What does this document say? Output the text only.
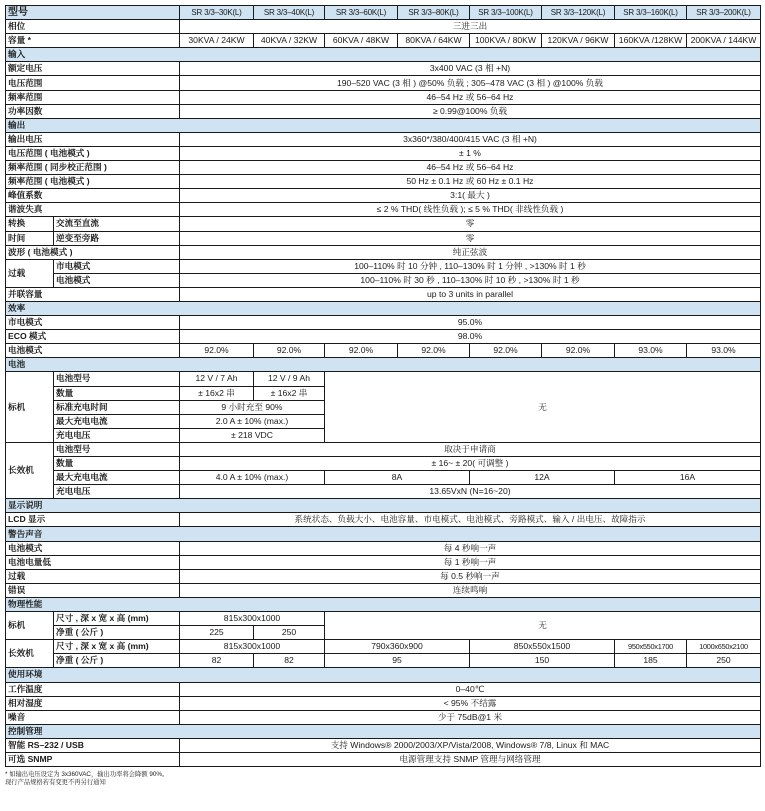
型号		SR 3/3–30K(L)	SR 3/3–40K(L)	SR 3/3–60K(L)	SR 3/3–80K(L)	SR 3/3–100K(L)	SR 3/3–120K(L)	SR 3/3–160K(L)	SR 3/3–200K(L)
相位		三进三出							
容量 *		30KVA / 24KW	40KVA / 32KW	60KVA / 48KW	80KVA / 64KW	100KVA / 80KW	120KVA / 96KW	160KVA /128KW	200KVA / 144KW
输入									
额定电压		3x400 VAC (3 相 +N)							
电压范围		190–520 VAC (3 相 ) @50% 负载 ; 305–478 VAC (3 相 ) @100% 负载							
频率范围		46–54 Hz 或 56–64 Hz							
功率因数		≥ 0.99@100% 负载							
输出									
输出电压		3x360*/380/400/415 VAC (3 相 +N)							
电压范围 ( 电池模式 )		± 1 %							
频率范围 ( 同步校正范围 )		46–54 Hz 或 56–64 Hz							
频率范围 ( 电池模式 )		50 Hz ± 0.1 Hz 或 60 Hz ± 0.1 Hz							
峰值系数		3:1( 最大 )							
谐波失真		≤ 2 % THD( 线性负载 ); ≤ 5 % THD( 非线性负载 )							
转换	交流至直流	零							
时间	逆变至旁路	零							
波形 ( 电池模式 )		纯正弦波							
过载	市电模式	100–110% 时 10 分钟 , 110–130% 时 1 分钟 , >130% 时 1 秒							
	电池模式	100–110% 时 30 秒 , 110–130% 时 10 秒 , >130% 时 1 秒							
并联容量		up to 3 units in parallel							
效率									
市电模式		95.0%							
ECO 模式		98.0%							
电池模式		92.0%	92.0%	92.0%	92.0%	92.0%	92.0%	93.0%	93.0%
电池									
标机	电池型号	12 V / 7 Ah	12 V / 9 Ah	无					
	数量	± 16x2 串	± 16x2 串						
	标准充电时间	9 小时充至 90%							
	最大充电电流	2.0 A ± 10% (max.)							
	充电电压	± 218 VDC							
长效机	电池型号	取决于申请商							
	数量	± 16~ ± 20( 可调整 )							
	最大充电电流	4.0 A ± 10% (max.)		8A		12A		16A	
	充电电压	13.65VxN (N=16~20)							
显示说明									
LCD 显示		系统状态、负载大小、电池容量、市电模式、电池模式、旁路模式、输入 / 出电压、故障指示							
警告声音									
电池模式		每 4 秒响一声							
电池电量低		每 1 秒响一声							
过载		每 0.5 秒响一声							
错误		连续鸣响							
物理性能									
标机	尺寸 , 深 x 宽 x 高 (mm)	815x300x1000		无					
	净重 ( 公斤 )	225	250						
长效机	尺寸 , 深 x 宽 x 高 (mm)	815x300x1000		790x360x900		850x550x1500		950x550x1700	1000x650x2100
	净重 ( 公斤 )	82	82	95		150		185	250
使用环境									
工作温度		0–40℃							
相对湿度		< 95% 不结露							
噪音		少于 75dB@1 米							
控制管理									
智能 RS–232 / USB		支持 Windows® 2000/2003/XP/Vista/2008, Windows® 7/8, Linux 和 MAC							
可选 SNMP		电源管理支持 SNMP 管理与网络管理							
* 如输出电压设定为 3x360VAC，输出功率将会降额 90%。
现行产品规格若有变更不再另行通知
